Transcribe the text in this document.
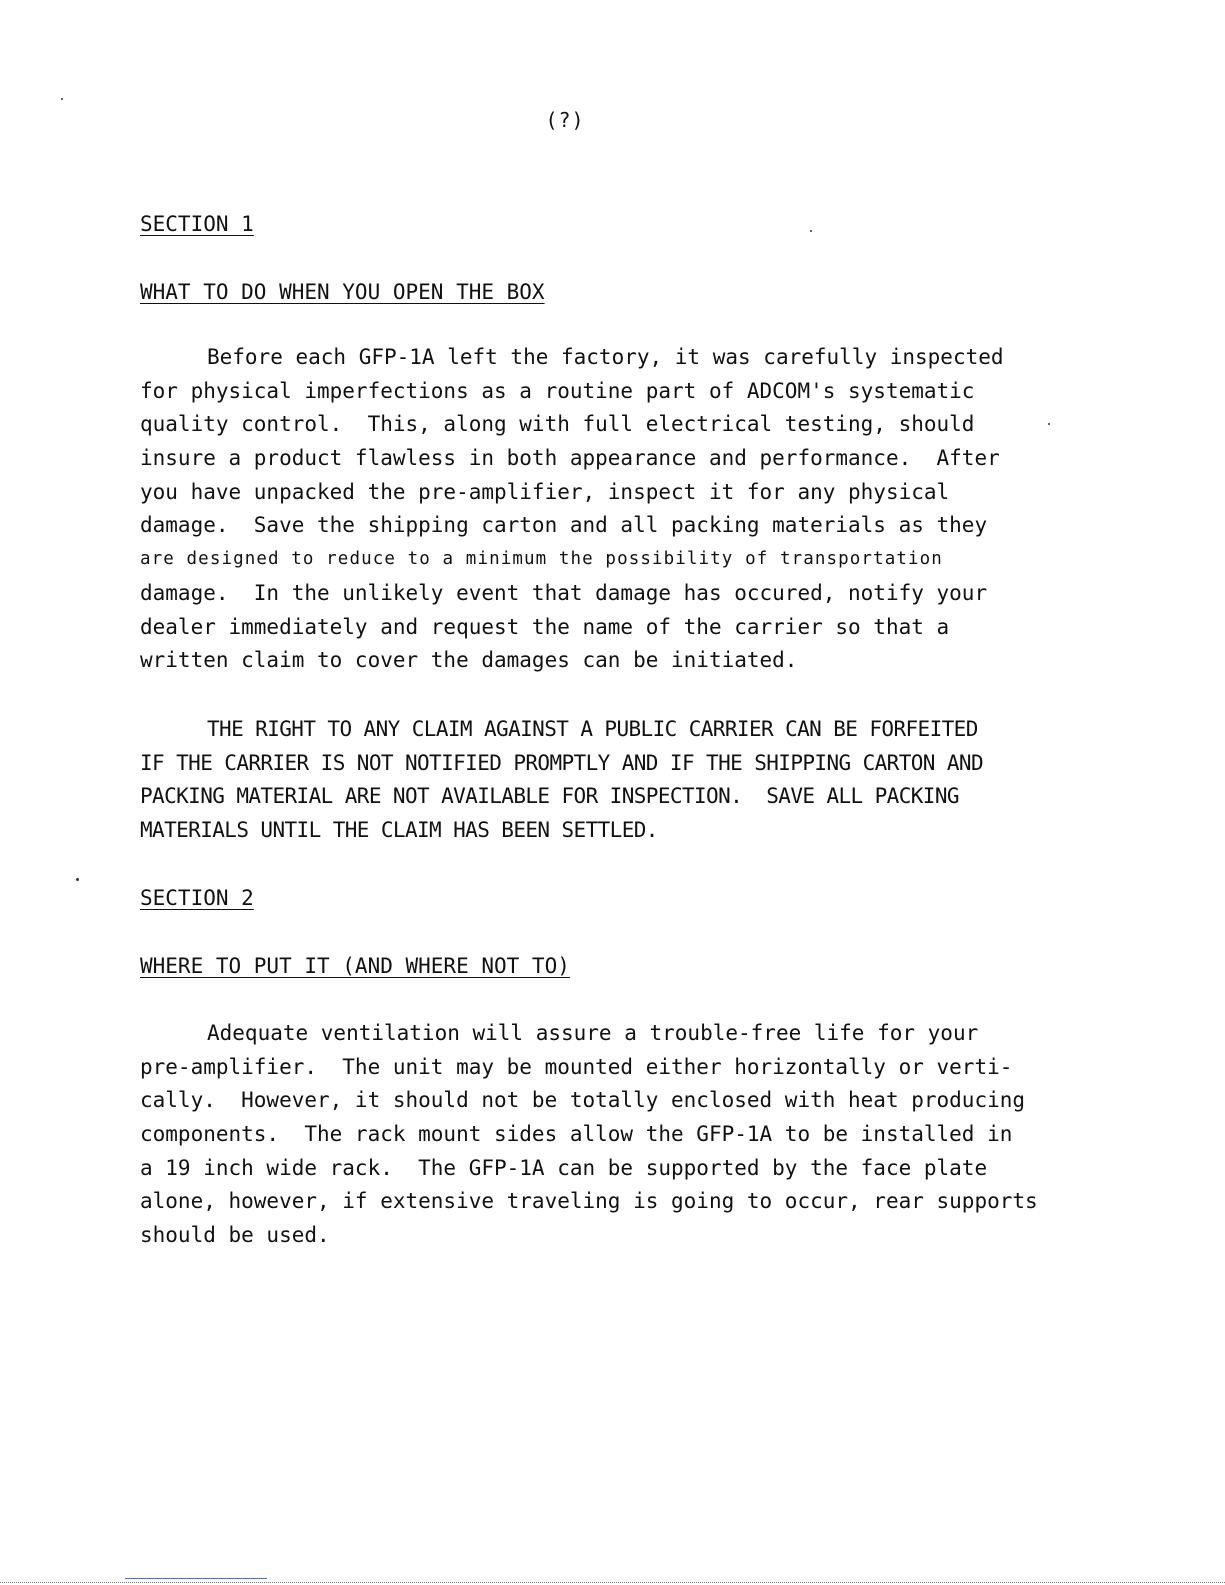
(?)
SECTION 1
WHAT TO DO WHEN YOU OPEN THE BOX
Before each GFP-1A left the factory, it was carefully inspected
for physical imperfections as a routine part of ADCOM's systematic
quality control.  This, along with full electrical testing, should
insure a product flawless in both appearance and performance.  After
you have unpacked the pre-amplifier, inspect it for any physical
damage.  Save the shipping carton and all packing materials as they
are designed to reduce to a minimum the possibility of transportation
damage.  In the unlikely event that damage has occured, notify your
dealer immediately and request the name of the carrier so that a
written claim to cover the damages can be initiated.
THE RIGHT TO ANY CLAIM AGAINST A PUBLIC CARRIER CAN BE FORFEITED
IF THE CARRIER IS NOT NOTIFIED PROMPTLY AND IF THE SHIPPING CARTON AND
PACKING MATERIAL ARE NOT AVAILABLE FOR INSPECTION.  SAVE ALL PACKING
MATERIALS UNTIL THE CLAIM HAS BEEN SETTLED.
SECTION 2
WHERE TO PUT IT (AND WHERE NOT TO)
Adequate ventilation will assure a trouble-free life for your
pre-amplifier.  The unit may be mounted either horizontally or verti-
cally.  However, it should not be totally enclosed with heat producing
components.  The rack mount sides allow the GFP-1A to be installed in
a 19 inch wide rack.  The GFP-1A can be supported by the face plate
alone, however, if extensive traveling is going to occur, rear supports
should be used.
